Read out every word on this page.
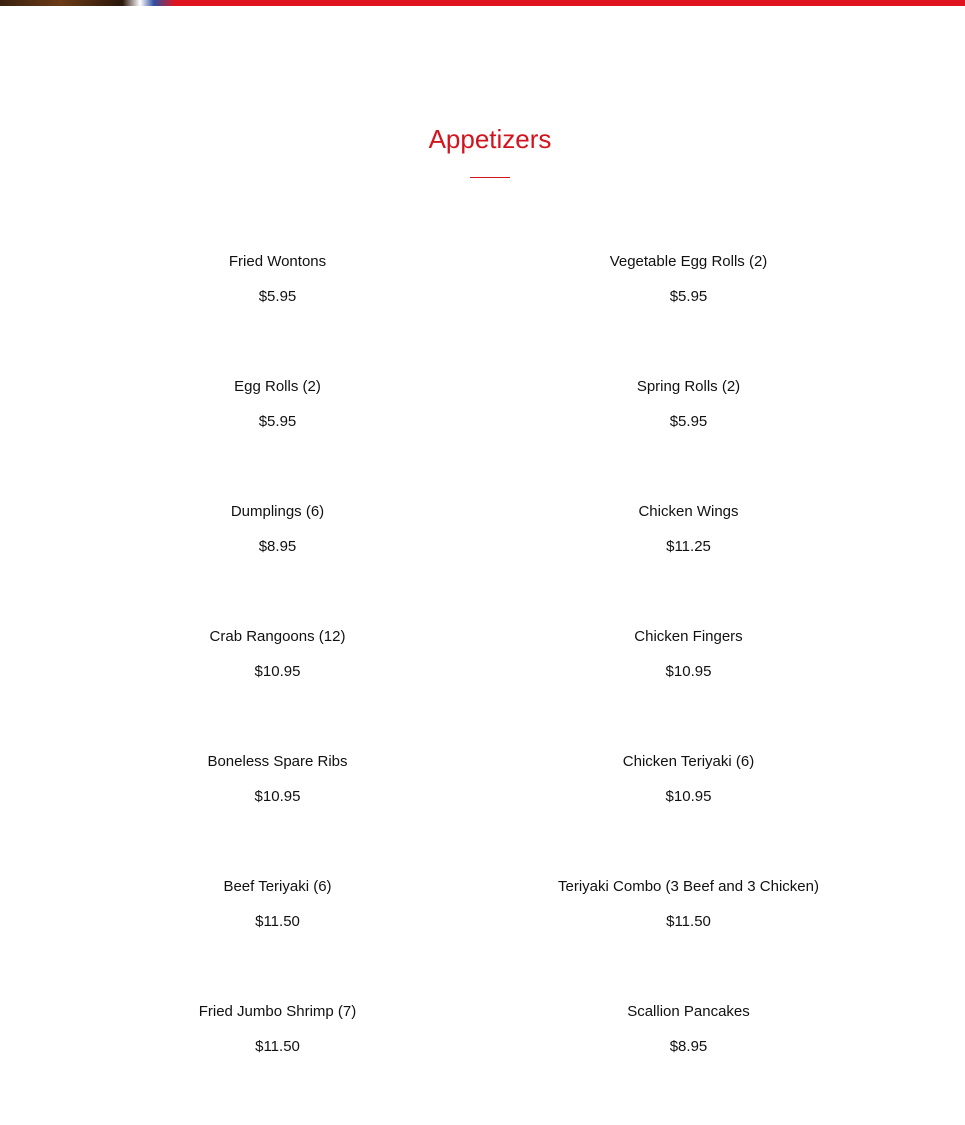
Appetizers
Fried Wontons
$5.95
Vegetable Egg Rolls (2)
$5.95
Egg Rolls (2)
$5.95
Spring Rolls (2)
$5.95
Dumplings (6)
$8.95
Chicken Wings
$11.25
Crab Rangoons (12)
$10.95
Chicken Fingers
$10.95
Boneless Spare Ribs
$10.95
Chicken Teriyaki (6)
$10.95
Beef Teriyaki (6)
$11.50
Teriyaki Combo (3 Beef and 3 Chicken)
$11.50
Fried Jumbo Shrimp (7)
$11.50
Scallion Pancakes
$8.95
